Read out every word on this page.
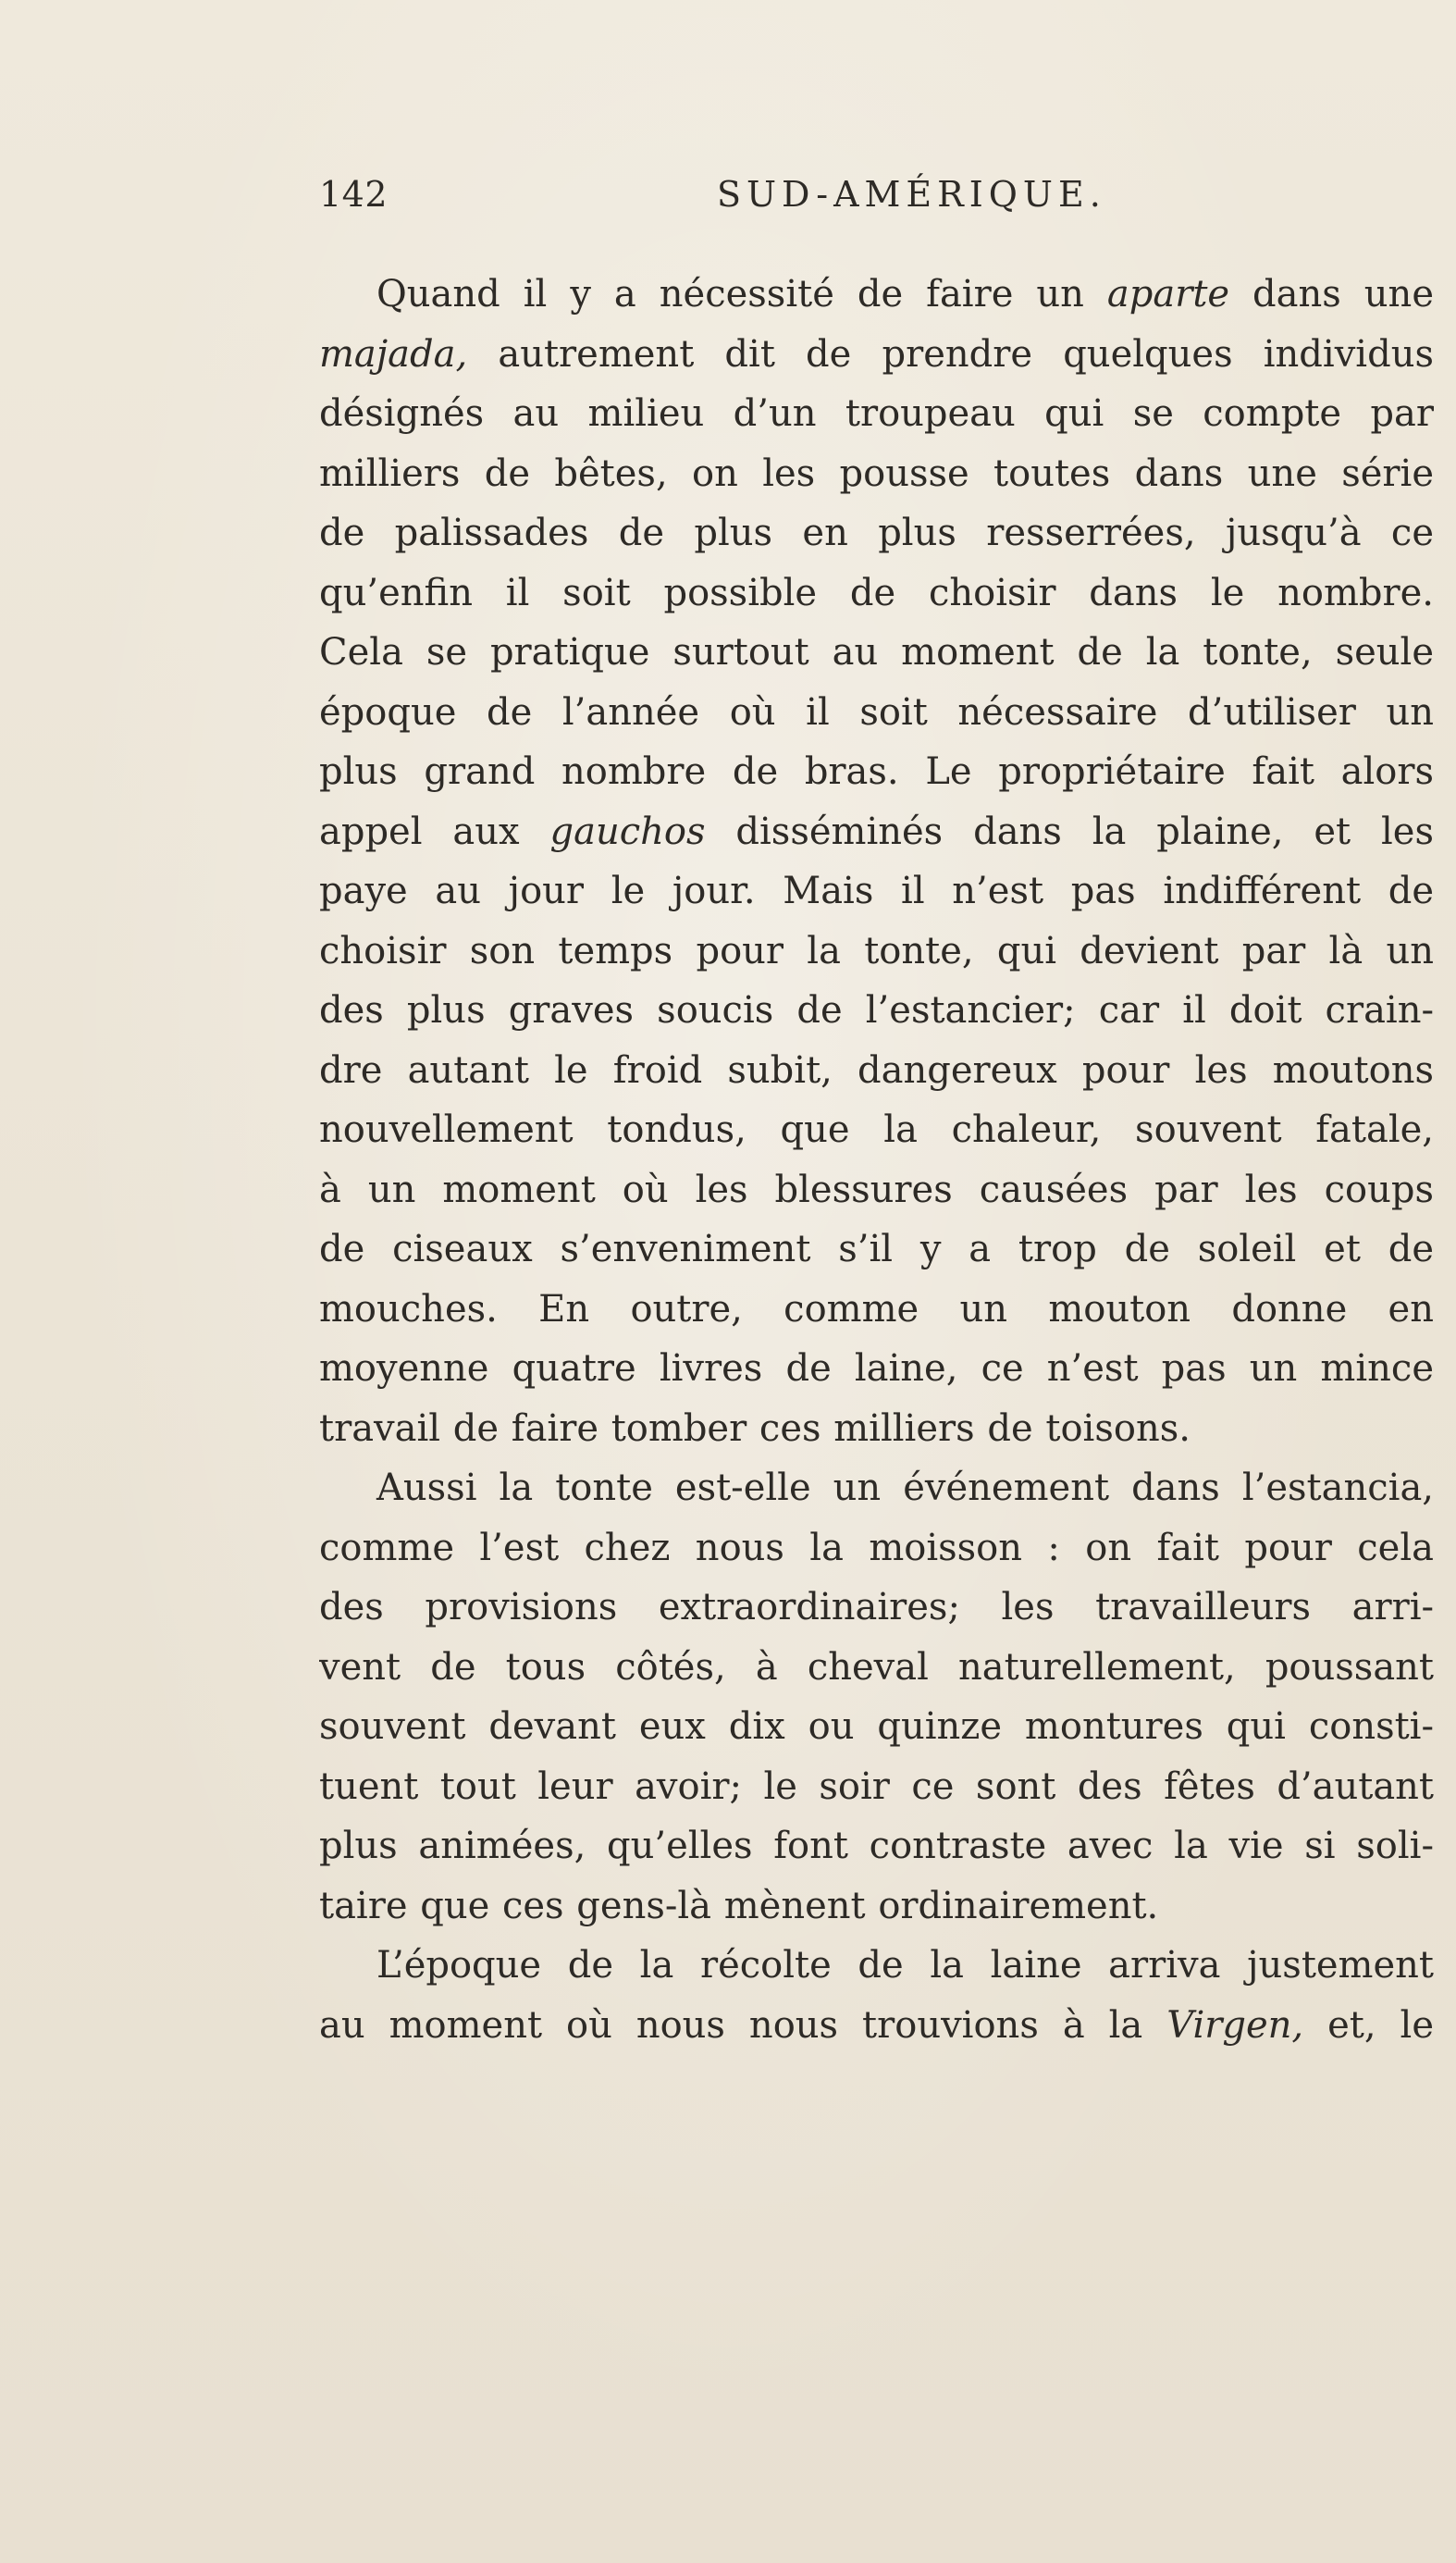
142	SUD-AMÉRIQUE.

Quand il y a nécessité de faire un aparte dans une
majada, autrement dit de prendre quelques individus
désignés au milieu d’un troupeau qui se compte par
milliers de bêtes, on les pousse toutes dans une série
de palissades de plus en plus resserrées, jusqu’à ce
qu’enfin il soit possible de choisir dans le nombre.
Cela se pratique surtout au moment de la tonte, seule
époque de l’année où il soit nécessaire d’utiliser un
plus grand nombre de bras. Le propriétaire fait alors
appel aux gauchos disséminés dans la plaine, et les
paye au jour le jour. Mais il n’est pas indifférent de
choisir son temps pour la tonte, qui devient par là un
des plus graves soucis de l’estancier; car il doit crain-
dre autant le froid subit, dangereux pour les moutons
nouvellement tondus, que la chaleur, souvent fatale,
à un moment où les blessures causées par les coups
de ciseaux s’enveniment s’il y a trop de soleil et de
mouches. En outre, comme un mouton donne en
moyenne quatre livres de laine, ce n’est pas un mince
travail de faire tomber ces milliers de toisons.

Aussi la tonte est-elle un événement dans l’estancia,
comme l’est chez nous la moisson : on fait pour cela
des provisions extraordinaires; les travailleurs arri-
vent de tous côtés, à cheval naturellement, poussant
souvent devant eux dix ou quinze montures qui consti-
tuent tout leur avoir; le soir ce sont des fêtes d’autant
plus animées, qu’elles font contraste avec la vie si soli-
taire que ces gens-là mènent ordinairement.

L’époque de la récolte de la laine arriva justement
au moment où nous nous trouvions à la Virgen, et, le
